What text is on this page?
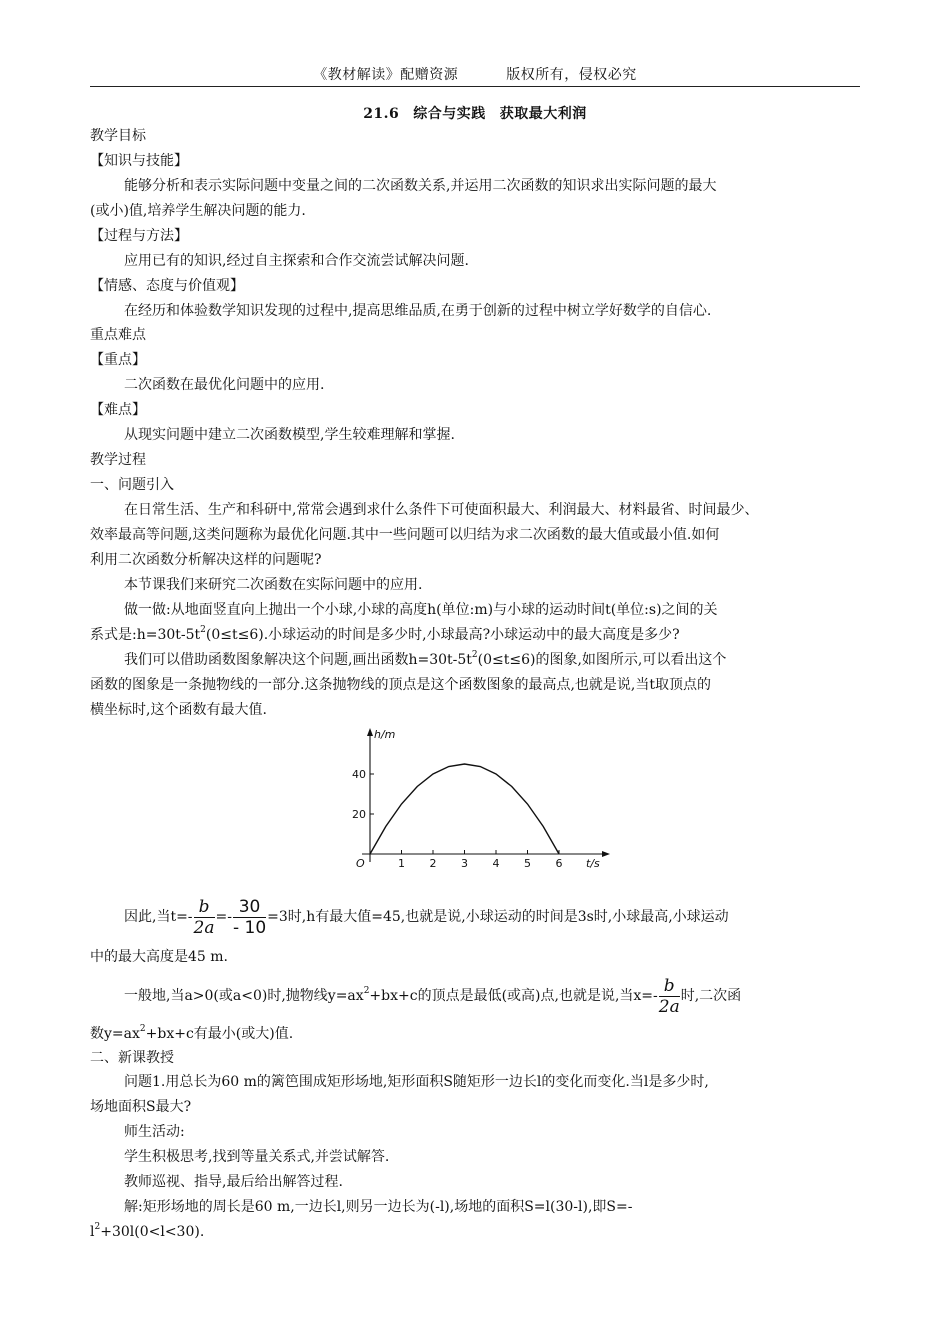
《教材解读》配赠资源	版权所有，侵权必究
21.6 综合与实践 获取最大利润
教学目标
【知识与技能】
能够分析和表示实际问题中变量之间的二次函数关系,并运用二次函数的知识求出实际问题的最大
(或小)值,培养学生解决问题的能力.
【过程与方法】
应用已有的知识,经过自主探索和合作交流尝试解决问题.
【情感、态度与价值观】
在经历和体验数学知识发现的过程中,提高思维品质,在勇于创新的过程中树立学好数学的自信心.
重点难点
【重点】
二次函数在最优化问题中的应用.
【难点】
从现实问题中建立二次函数模型,学生较难理解和掌握.
教学过程
一、问题引入
在日常生活、生产和科研中,常常会遇到求什么条件下可使面积最大、利润最大、材料最省、时间最少、
效率最高等问题,这类问题称为最优化问题.其中一些问题可以归结为求二次函数的最大值或最小值.如何
利用二次函数分析解决这样的问题呢?
本节课我们来研究二次函数在实际问题中的应用.
做一做:从地面竖直向上抛出一个小球,小球的高度h(单位:m)与小球的运动时间t(单位:s)之间的关
系式是$:h=30t-5t^2(0\le t\le 6)$.小球运动的时间是多少时,小球最高?小球运动中的最大高度是多少?
我们可以借助函数图象解决这个问题,画出函数$h=30t-5t^2(0\le t\le 6)$的图象,如图所示,可以看出这个
函数的图象是一条抛物线的一部分.这条抛物线的顶点是这个函数图象的最高点,也就是说,当t取顶点的
横坐标时,这个函数有最大值.
h/m
t/s
O	1 2 3 4 5 6
20
40
因此,当$t=- \frac{b}{2a} =- \frac{30}{- 10} =3$时,h有最大值=45,也就是说,小球运动的时间是3s时,小球最高,小球运动
中的最大高度是45 m.
一般地,当a>0(或a<0)时,抛物线$y=ax^2+bx+c$的顶点是最低(或高)点,也就是说,当$x=- \frac{b}{2a}$ 时,二次函
数$y=ax^2+bx+c$有最小(或大)值.
二、新课教授
问题1.用总长为60 m的篱笆围成矩形场地,矩形面积S随矩形一边长l的变化而变化.当l是多少时,
场地面积S最大?
师生活动:
学生积极思考,找到等量关系式,并尝试解答.
教师巡视、指导,最后给出解答过程.
解:矩形场地的周长是60 m,一边长l,则另一边长为(-l),场地的面积S=l(30-l),即S=-
$l^2+30l(0<l<30)$.
